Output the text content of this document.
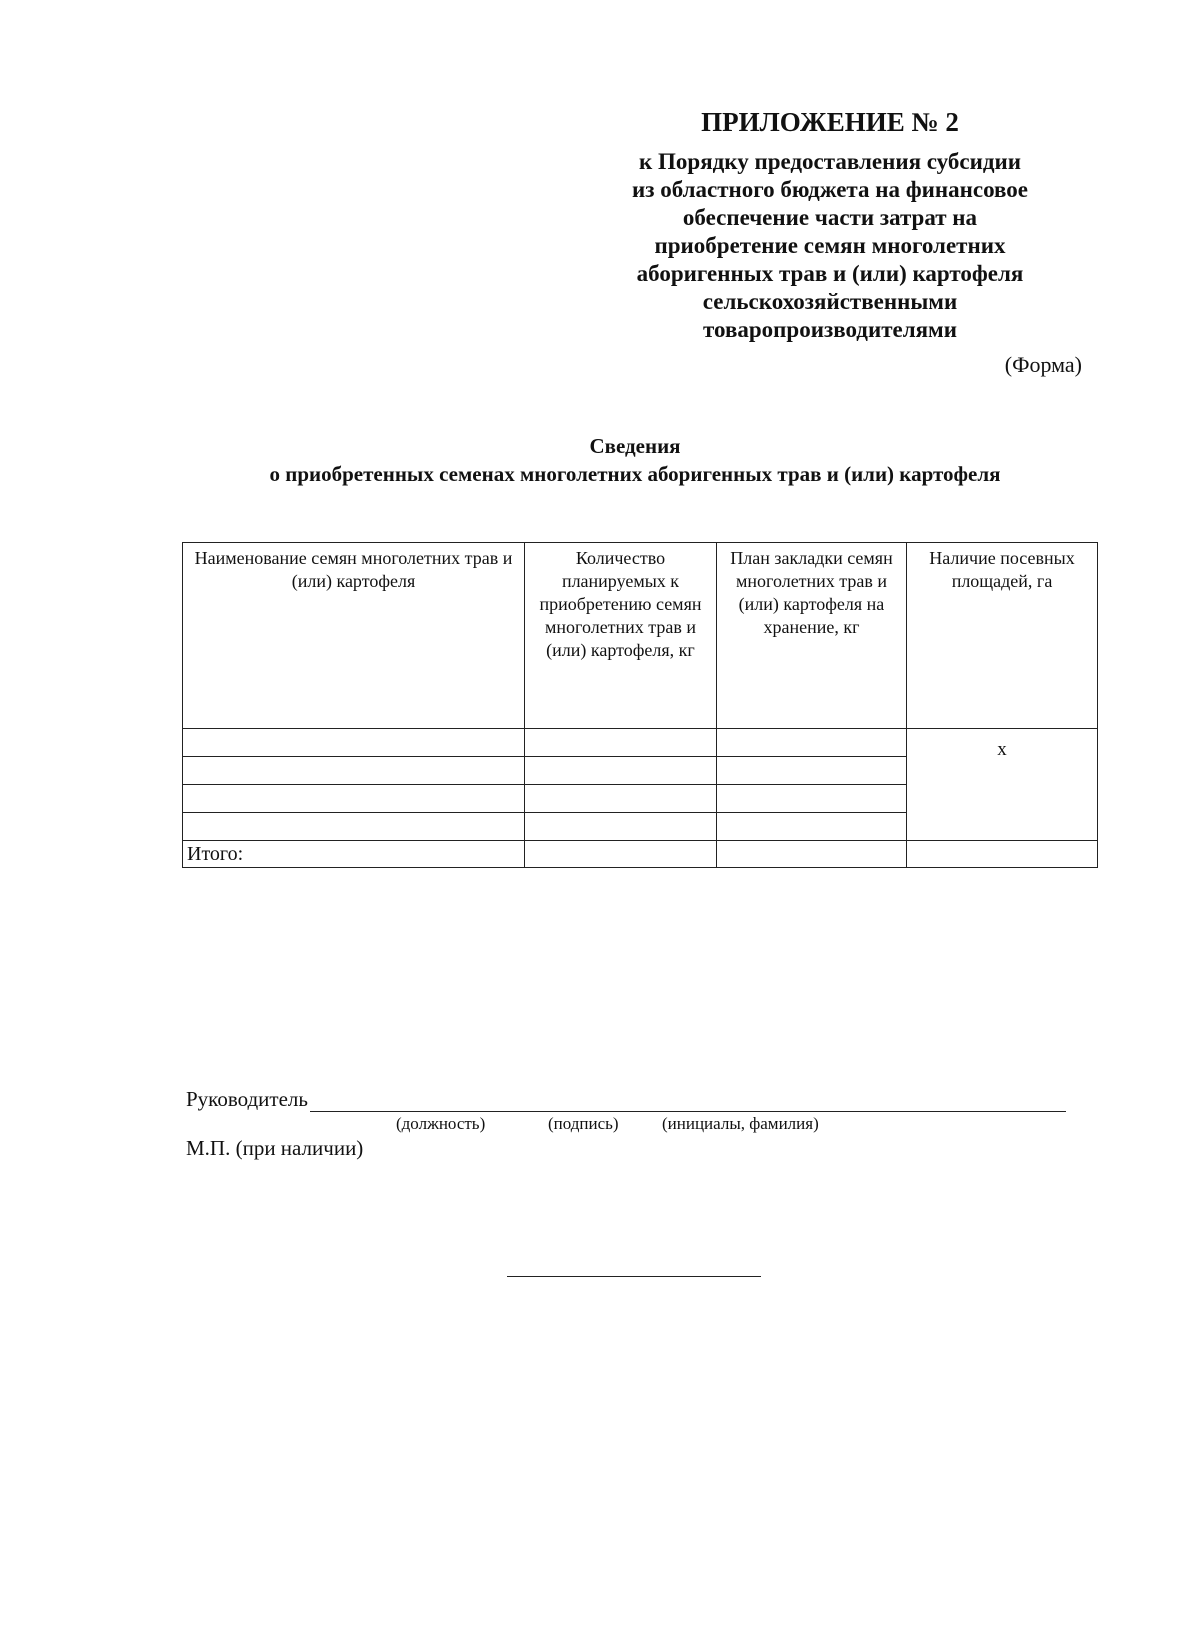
ПРИЛОЖЕНИЕ № 2
к Порядку предоставления субсидии
из областного бюджета на финансовое
обеспечение части затрат на
приобретение семян многолетних
аборигенных трав и (или) картофеля
сельскохозяйственными
товаропроизводителями
(Форма)
Сведения
о приобретенных семенах многолетних аборигенных трав и (или) картофеля
Наименование семян многолетних трав и (или) картофеля	Количество планируемых к приобретению семян многолетних трав и (или) картофеля, кг	План закладки семян многолетних трав и (или) картофеля на хранение, кг	Наличие посевных площадей, га
			х

Итого:			
Руководитель
(должность)	(подпись)	(инициалы, фамилия)
М.П. (при наличии)
